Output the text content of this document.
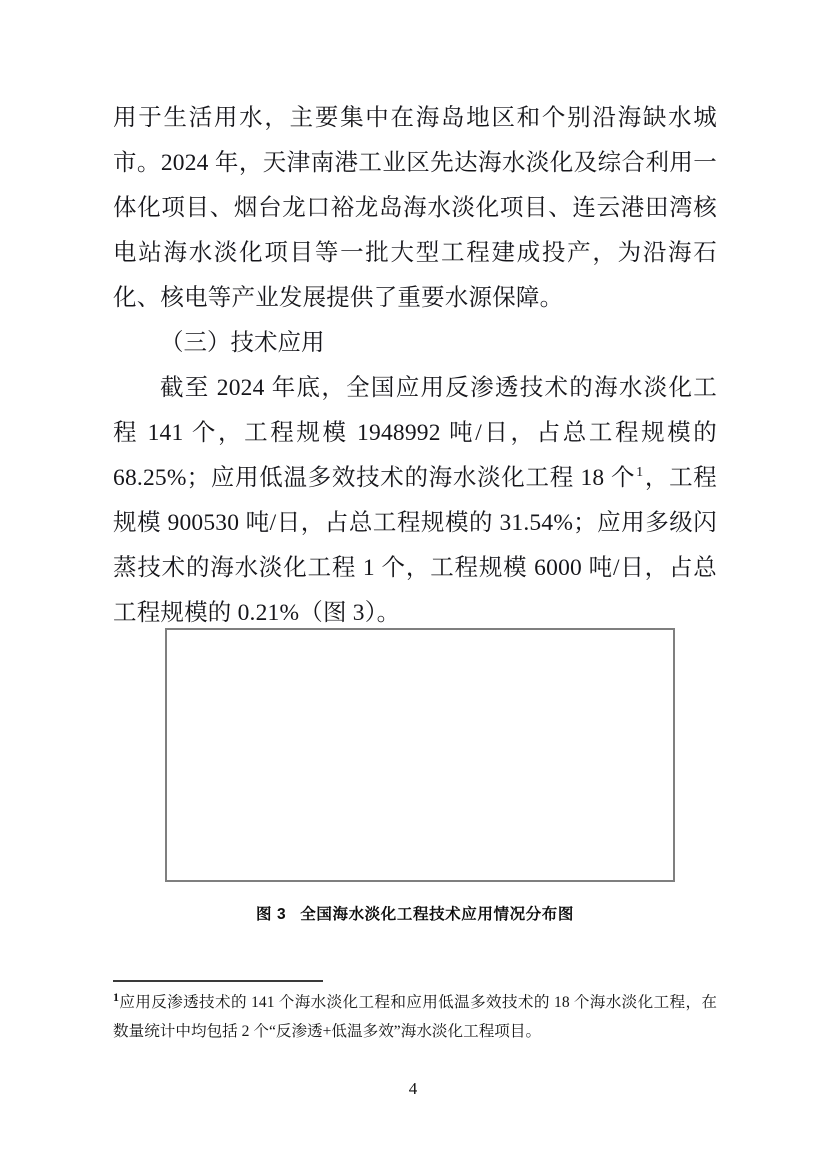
用于生活用水，主要集中在海岛地区和个别沿海缺水城市。2024 年，天津南港工业区先达海水淡化及综合利用一体化项目、烟台龙口裕龙岛海水淡化项目、连云港田湾核电站海水淡化项目等一批大型工程建成投产，为沿海石化、核电等产业发展提供了重要水源保障。

（三）技术应用

截至 2024 年底，全国应用反渗透技术的海水淡化工程 141 个，工程规模 1948992 吨/日，占总工程规模的 68.25%；应用低温多效技术的海水淡化工程 18 个$^1$，工程规模 900530 吨/日，占总工程规模的 31.54%；应用多级闪蒸技术的海水淡化工程 1 个，工程规模 6000 吨/日，占总工程规模的 0.21%（图 3）。

图 3 全国海水淡化工程技术应用情况分布图
$^1$应用反渗透技术的 141 个海水淡化工程和应用低温多效技术的 18 个海水淡化工程，在数量统计中均包括 2 个“反渗透+低温多效”海水淡化工程项目。
4
